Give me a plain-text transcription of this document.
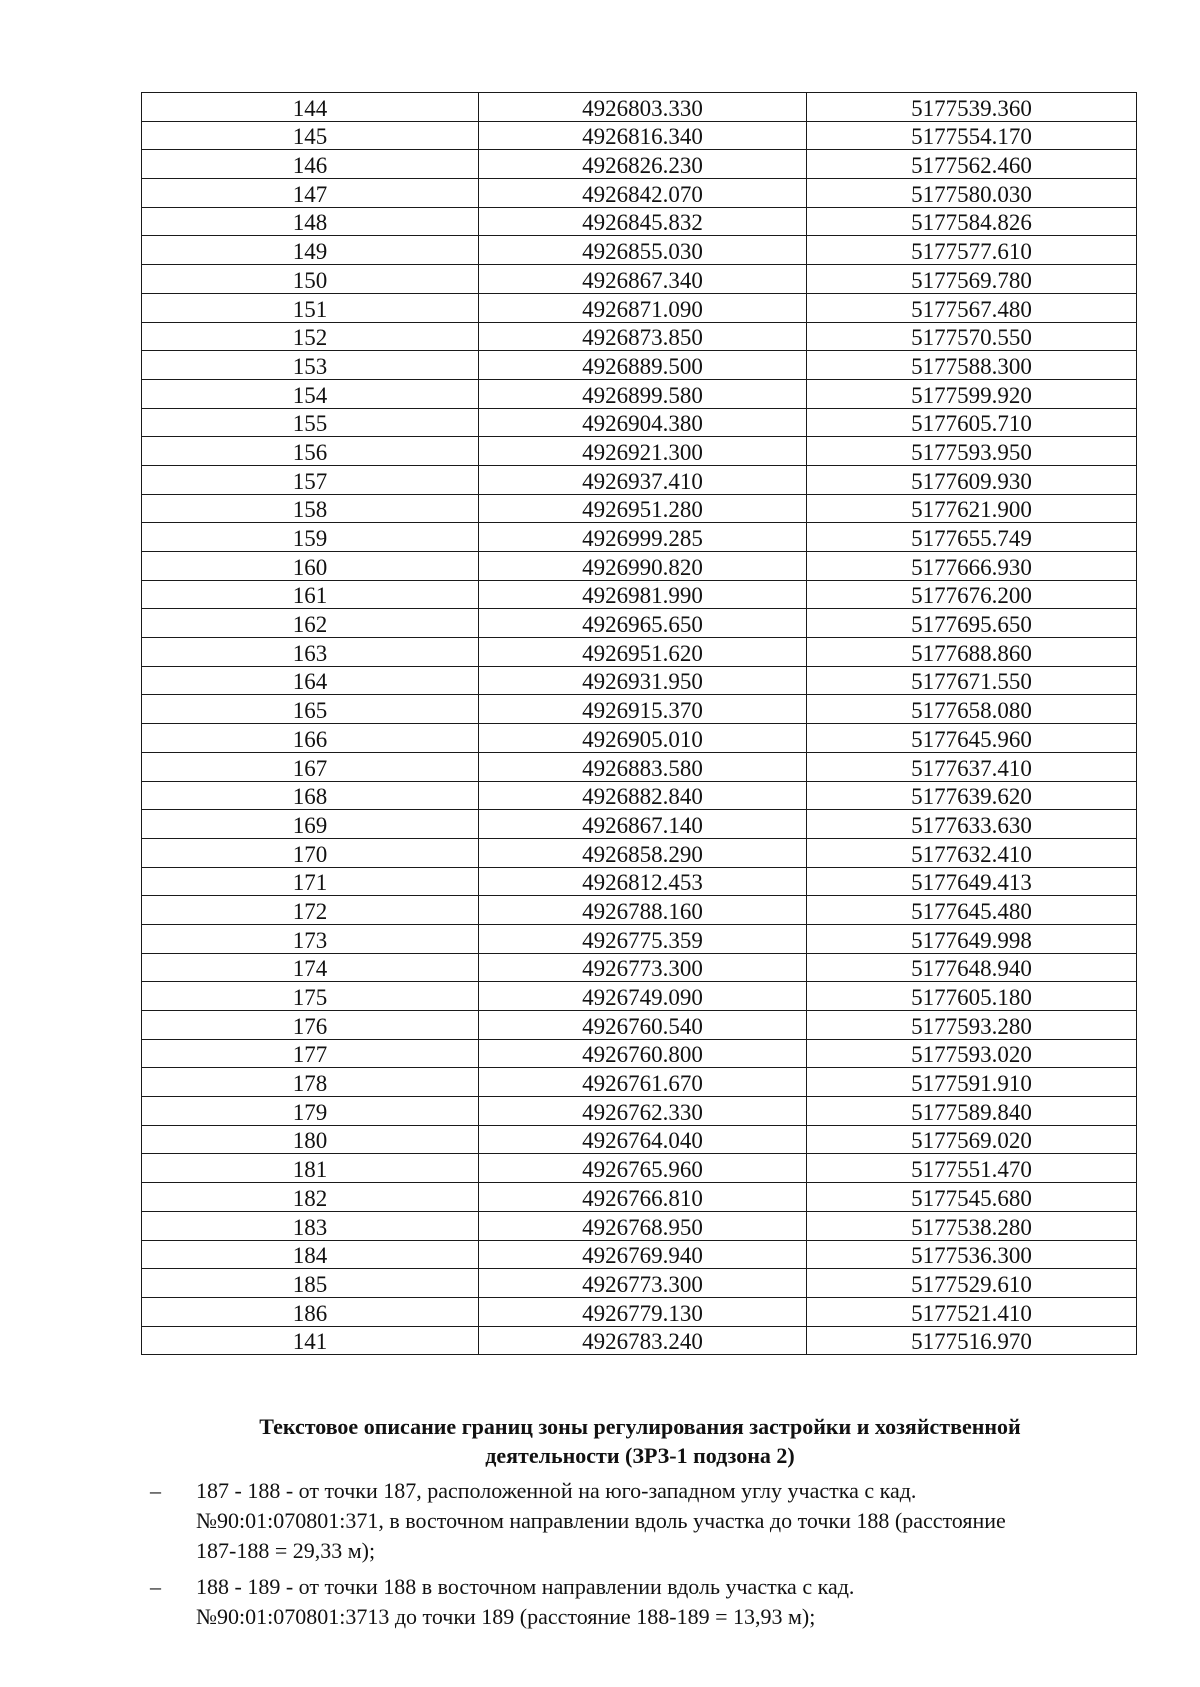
144	4926803.330	5177539.360
145	4926816.340	5177554.170
146	4926826.230	5177562.460
147	4926842.070	5177580.030
148	4926845.832	5177584.826
149	4926855.030	5177577.610
150	4926867.340	5177569.780
151	4926871.090	5177567.480
152	4926873.850	5177570.550
153	4926889.500	5177588.300
154	4926899.580	5177599.920
155	4926904.380	5177605.710
156	4926921.300	5177593.950
157	4926937.410	5177609.930
158	4926951.280	5177621.900
159	4926999.285	5177655.749
160	4926990.820	5177666.930
161	4926981.990	5177676.200
162	4926965.650	5177695.650
163	4926951.620	5177688.860
164	4926931.950	5177671.550
165	4926915.370	5177658.080
166	4926905.010	5177645.960
167	4926883.580	5177637.410
168	4926882.840	5177639.620
169	4926867.140	5177633.630
170	4926858.290	5177632.410
171	4926812.453	5177649.413
172	4926788.160	5177645.480
173	4926775.359	5177649.998
174	4926773.300	5177648.940
175	4926749.090	5177605.180
176	4926760.540	5177593.280
177	4926760.800	5177593.020
178	4926761.670	5177591.910
179	4926762.330	5177589.840
180	4926764.040	5177569.020
181	4926765.960	5177551.470
182	4926766.810	5177545.680
183	4926768.950	5177538.280
184	4926769.940	5177536.300
185	4926773.300	5177529.610
186	4926779.130	5177521.410
141	4926783.240	5177516.970
Текстовое описание границ зоны регулирования застройки и хозяйственной
деятельности (ЗРЗ-1 подзона 2)
– 187 - 188 - от точки 187, расположенной на юго-западном углу участка с кад.
№90:01:070801:371, в восточном направлении вдоль участка до точки 188 (расстояние
187-188 = 29,33 м);
– 188 - 189 - от точки 188 в восточном направлении вдоль участка с кад.
№90:01:070801:3713 до точки 189 (расстояние 188-189 = 13,93 м);
